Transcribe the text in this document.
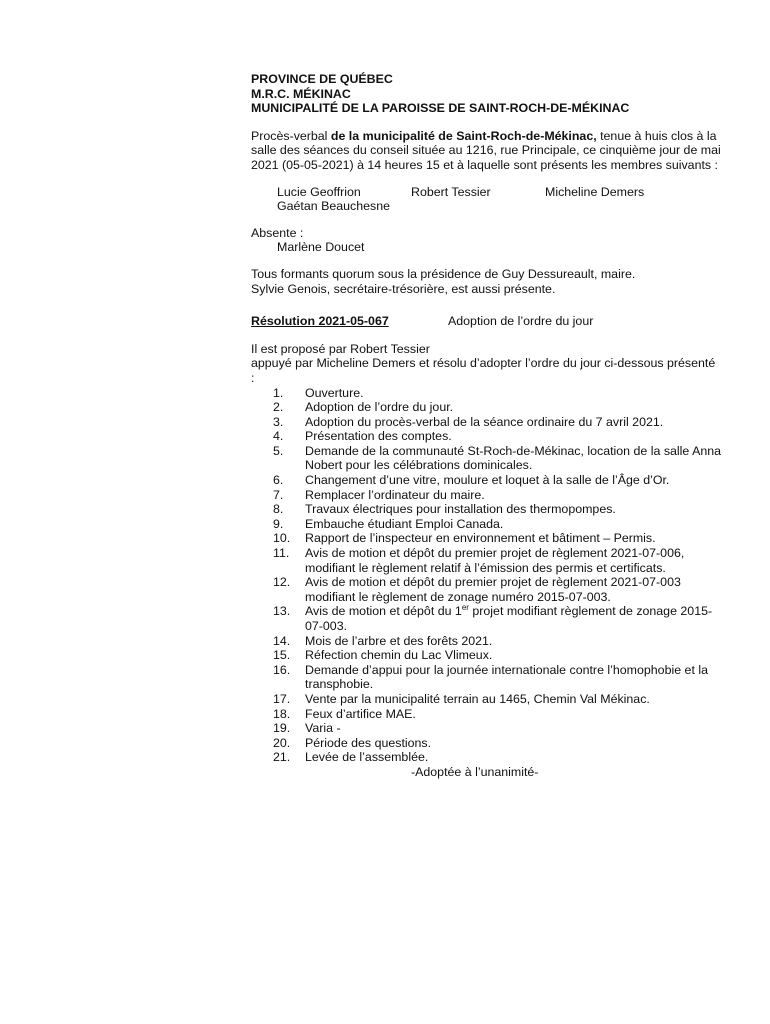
PROVINCE DE QUÉBEC
M.R.C. MÉKINAC
MUNICIPALITÉ DE LA PAROISSE DE SAINT-ROCH-DE-MÉKINAC
Procès-verbal de la municipalité de Saint-Roch-de-Mékinac, tenue à huis clos à la salle des séances du conseil située au 1216, rue Principale, ce cinquième jour de mai 2021 (05-05-2021) à 14 heures 15 et à laquelle sont présents les membres suivants :
Lucie Geoffrion	Robert Tessier	Micheline Demers
Gaétan Beauchesne
Absente :
Marlène Doucet
Tous formants quorum sous la présidence de Guy Dessureault, maire.
Sylvie Genois, secrétaire-trésorière, est aussi présente.
Résolution 2021-05-067	Adoption de l’ordre du jour
Il est proposé par Robert Tessier
appuyé par Micheline Demers et résolu d’adopter l’ordre du jour ci-dessous présenté :
1.	Ouverture.
2.	Adoption de l’ordre du jour.
3.	Adoption du procès-verbal de la séance ordinaire du 7 avril 2021.
4.	Présentation des comptes.
5.	Demande de la communauté St-Roch-de-Mékinac, location de la salle Anna Nobert pour les célébrations dominicales.
6.	Changement d’une vitre, moulure et loquet à la salle de l’Âge d’Or.
7.	Remplacer l’ordinateur du maire.
8.	Travaux électriques pour installation des thermopompes.
9.	Embauche étudiant Emploi Canada.
10.	Rapport de l’inspecteur en environnement et bâtiment – Permis.
11.	Avis de motion et dépôt du premier projet de règlement 2021-07-006, modifiant le règlement relatif à l’émission des permis et certificats.
12.	Avis de motion et dépôt du premier projet de règlement 2021-07-003 modifiant le règlement de zonage numéro 2015-07-003.
13.	Avis de motion et dépôt du 1er projet modifiant règlement de zonage 2015-07-003.
14.	Mois de l’arbre et des forêts 2021.
15.	Réfection chemin du Lac Vlimeux.
16.	Demande d’appui pour la journée internationale contre l’homophobie et la transphobie.
17.	Vente par la municipalité terrain au 1465, Chemin Val Mékinac.
18.	Feux d’artifice MAE.
19.	Varia -
20.	Période des questions.
21.	Levée de l’assemblée.
-Adoptée à l’unanimité-
